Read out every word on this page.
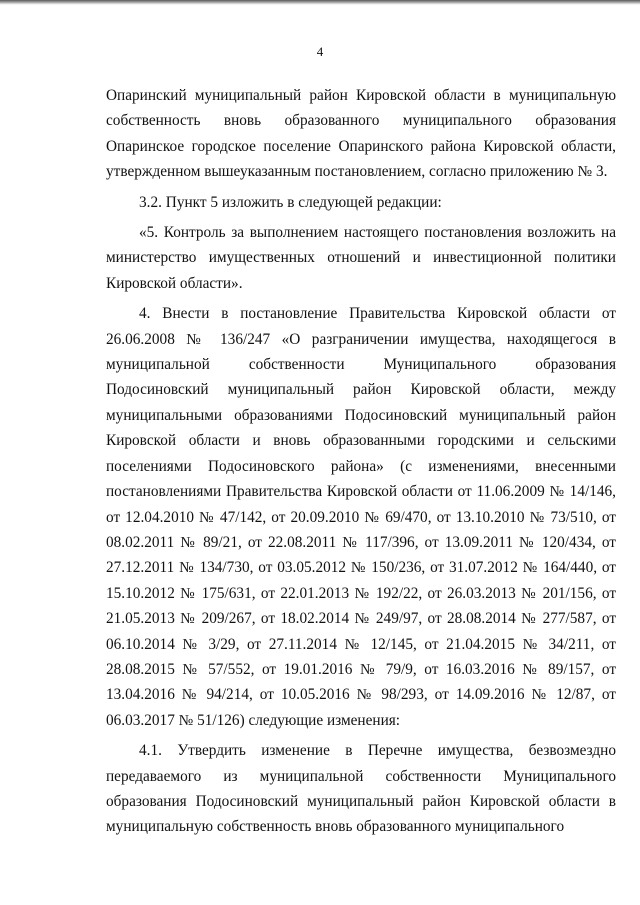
4

Опаринский муниципальный район Кировской области в муниципальную собственность вновь образованного муниципального образования Опаринское городское поселение Опаринского района Кировской области, утвержденном вышеуказанным постановлением, согласно приложению № 3.

3.2. Пункт 5 изложить в следующей редакции:

«5. Контроль за выполнением настоящего постановления возложить на министерство имущественных отношений и инвестиционной политики Кировской области».

4. Внести в постановление Правительства Кировской области от 26.06.2008 № 136/247 «О разграничении имущества, находящегося в муниципальной собственности Муниципального образования Подосиновский муниципальный район Кировской области, между муниципальными образованиями Подосиновский муниципальный район Кировской области и вновь образованными городскими и сельскими поселениями Подосиновского района» (с изменениями, внесенными постановлениями Правительства Кировской области от 11.06.2009 № 14/146, от 12.04.2010 № 47/142, от 20.09.2010 № 69/470, от 13.10.2010 № 73/510, от 08.02.2011 № 89/21, от 22.08.2011 № 117/396, от 13.09.2011 № 120/434, от 27.12.2011 № 134/730, от 03.05.2012 № 150/236, от 31.07.2012 № 164/440, от 15.10.2012 № 175/631, от 22.01.2013 № 192/22, от 26.03.2013 № 201/156, от 21.05.2013 № 209/267, от 18.02.2014 № 249/97, от 28.08.2014 № 277/587, от 06.10.2014 № 3/29, от 27.11.2014 № 12/145, от 21.04.2015 № 34/211, от 28.08.2015 № 57/552, от 19.01.2016 № 79/9, от 16.03.2016 № 89/157, от 13.04.2016 № 94/214, от 10.05.2016 № 98/293, от 14.09.2016 № 12/87, от 06.03.2017 № 51/126) следующие изменения:

4.1. Утвердить изменение в Перечне имущества, безвозмездно передаваемого из муниципальной собственности Муниципального образования Подосиновский муниципальный район Кировской области в муниципальную собственность вновь образованного муниципального
